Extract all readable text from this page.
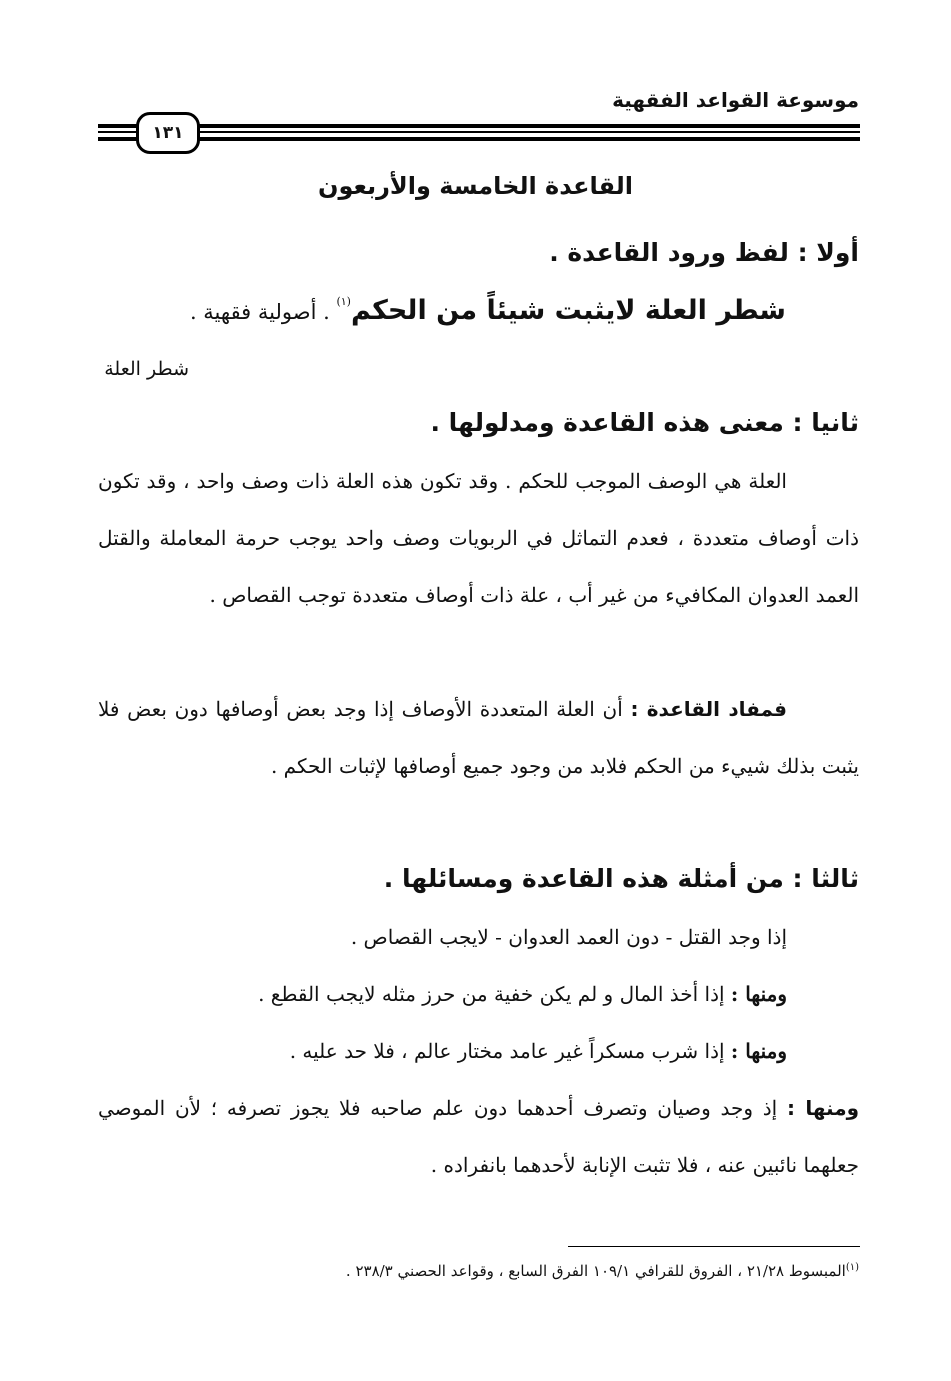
موسوعة القواعد الفقهية
١٣١
القاعدة الخامسة والأربعون
أولا : لفظ ورود القاعدة .
شطر العلة لايثبت شيئاً من الحكم$^{(١)}$ . أصولية فقهية .
شطر العلة
ثانيا : معنى هذه القاعدة ومدلولها .
العلة هي الوصف الموجب للحكم . وقد تكون هذه العلة ذات وصف واحد ، وقد تكون ذات أوصاف متعددة ، فعدم التماثل في الربويات وصف واحد يوجب حرمة المعاملة والقتل العمد العدوان المكافيء من غير أب ، علة ذات أوصاف متعددة توجب القصاص .
فمفاد القاعدة : أن العلة المتعددة الأوصاف إذا وجد بعض أوصافها دون بعض فلا يثبت بذلك شييء من الحكم فلابد من وجود جميع أوصافها لإثبات الحكم .
ثالثا : من أمثلة هذه القاعدة ومسائلها .
إذا وجد القتل - دون العمد العدوان - لايجب القصاص .
ومنها : إذا أخذ المال و لم يكن خفية من حرز مثله لايجب القطع .
ومنها : إذا شرب مسكراً غير عامد مختار عالم ، فلا حد عليه .
ومنها : إذ وجد وصيان وتصرف أحدهما دون علم صاحبه فلا يجوز تصرفه ؛ لأن الموصي جعلهما نائبين عنه ، فلا تثبت الإنابة لأحدهما بانفراده .
$^{(١)}$المبسوط ٢١/٢٨ ، الفروق للقرافي ١٠٩/١ الفرق السابع ، وقواعد الحصني ٢٣٨/٣ .
